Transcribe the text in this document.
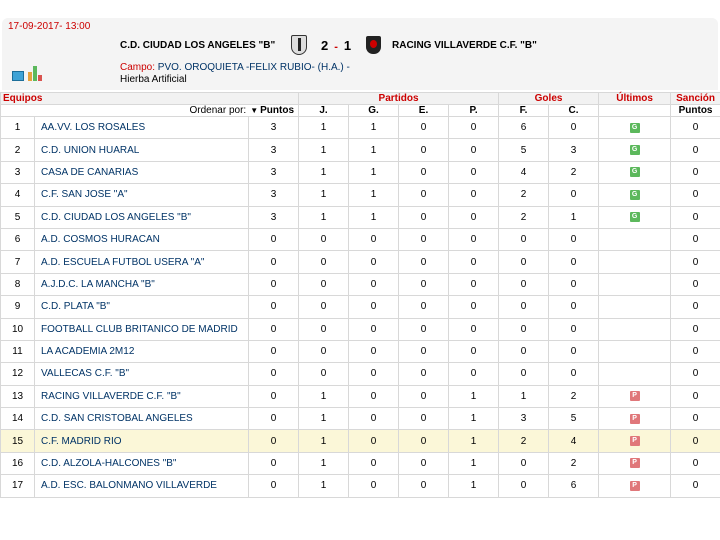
17-09-2017- 13:00
C.D. CIUDAD LOS ANGELES "B"	2 - 1	RACING VILLAVERDE C.F. "B"
Campo: PVO. OROQUIETA -FELIX RUBIO- (H.A.) -
Hierba Artificial
Equipos			Partidos				Goles		Últimos	Sanción
Ordenar por: ▼ Puntos			J.	G.	E.	P.	F.	C.		Puntos
1	AA.VV. LOS ROSALES	3	1	1	0	0	6	0	G	0
2	C.D. UNION HUARAL	3	1	1	0	0	5	3	G	0
3	CASA DE CANARIAS	3	1	1	0	0	4	2	G	0
4	C.F. SAN JOSE "A"	3	1	1	0	0	2	0	G	0
5	C.D. CIUDAD LOS ANGELES "B"	3	1	1	0	0	2	1	G	0
6	A.D. COSMOS HURACAN	0	0	0	0	0	0	0		0
7	A.D. ESCUELA FUTBOL USERA "A"	0	0	0	0	0	0	0		0
8	A.J.D.C. LA MANCHA "B"	0	0	0	0	0	0	0		0
9	C.D. PLATA "B"	0	0	0	0	0	0	0		0
10	FOOTBALL CLUB BRITANICO DE MADRID	0	0	0	0	0	0	0		0
11	LA ACADEMIA 2M12	0	0	0	0	0	0	0		0
12	VALLECAS C.F. "B"	0	0	0	0	0	0	0		0
13	RACING VILLAVERDE C.F. "B"	0	1	0	0	1	1	2	P	0
14	C.D. SAN CRISTOBAL ANGELES	0	1	0	0	1	3	5	P	0
15	C.F. MADRID RIO	0	1	0	0	1	2	4	P	0
16	C.D. ALZOLA-HALCONES "B"	0	1	0	0	1	0	2	P	0
17	A.D. ESC. BALONMANO VILLAVERDE	0	1	0	0	1	0	6	P	0
